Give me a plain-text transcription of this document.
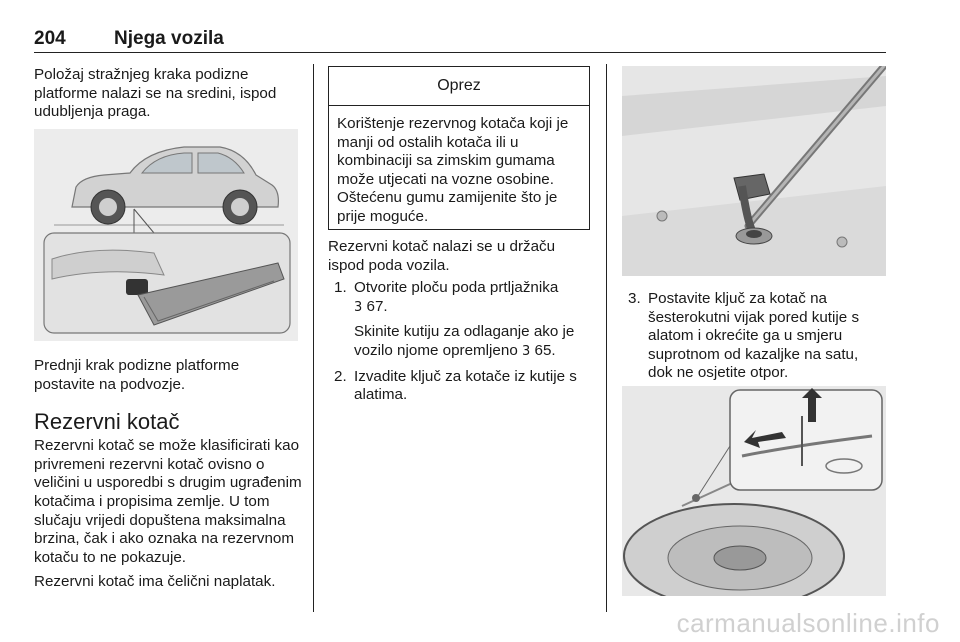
204	Njega vozila

Položaj stražnjeg kraka podizne platforme nalazi se na sredini, ispod udubljenja praga.

Prednji krak podizne platforme postavite na podvozje.

Rezervni kotač

Rezervni kotač se može klasificirati kao privremeni rezervni kotač ovisno o veličini u usporedbi s drugim ugrađenim kotačima i propisima zemlje. U tom slučaju vrijedi dopuštena maksimalna brzina, čak i ako oznaka na rezervnom kotaču to ne pokazuje.

Rezervni kotač ima čelični naplatak.

Oprez
Korištenje rezervnog kotača koji je manji od ostalih kotača ili u kombinaciji sa zimskim gumama može utjecati na vozne osobine. Oštećenu gumu zamijenite što je prije moguće.

Rezervni kotač nalazi se u držaču ispod poda vozila.

1. Otvorite ploču poda prtljažnika
3 67.

Skinite kutiju za odlaganje ako je vozilo njome opremljeno 3 65.

2. Izvadite ključ za kotače iz kutije s alatima.

3. Postavite ključ za kotač na šesterokutni vijak pored kutije s alatom i okrećite ga u smjeru suprotnom od kazaljke na satu, dok ne osjetite otpor.

carmanualsonline.info
